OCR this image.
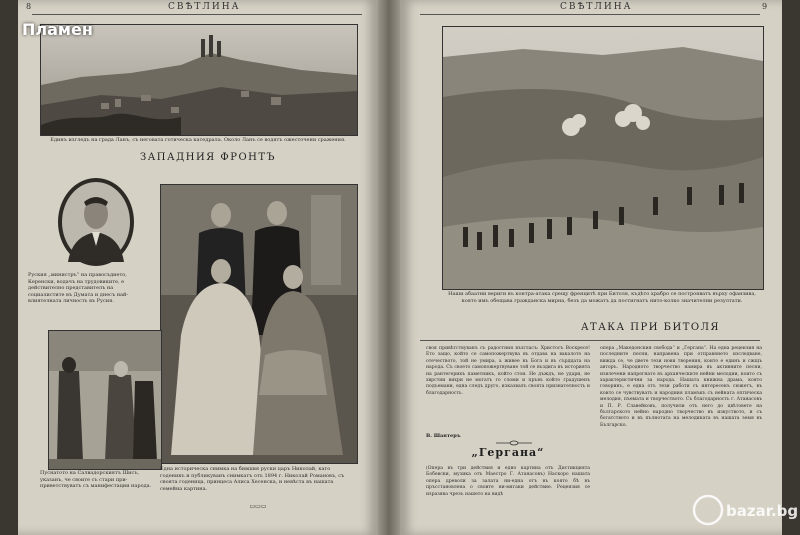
8	СВѢТЛИНА
Единъ изгледъ на града Ланъ, съ неговата готическа катедрала. Около Ланъ се водятъ ожесточени сражения.
ЗАПАДНИЯ ФРОНТЪ
Руския „министръ“ на правосъдието, Керенски, водачъ на трудовиките, е действително представителъ на социалистите въ Думата и днесъ най-влиятелната личность въ Русия.
Пуснатото на Салвадорскиятъ Шисъ, указанъ, че своите съ стари при-приветствуватъ съ манифестации народа.
Една историческа снимка на бившия руски царъ Николай, като годеникъ и публикуванъ снимкатъ отъ 1894 г. Николай Романовъ, съ своята годеница, принцеса Алиса Хесенска, и невѣста въ нашата семейна картина.
▭▭▭
СВѢТЛИНА	9
Наши абаатни вериги въ контра-атака срещу френцитѣ при Битоля, къдѣто храбро се построяватъ върху офанзива, която имъ обещава гражданска мирна, безъ да можатъ да постигнатъ нито-колко значителни резултати.
АТАКА ПРИ БИТОЛЯ

своя привѣтствуванъ съ радостния възгласъ: Христосъ Воскресе! Ето защо, който се самопожертвува въ отдава на вакалото на отечеството, той не умира, а живее въ Бога и въ сърдцата на народа. Съ своето самопожертвуване той се въздига въ историята на рантегерикъ паметникъ, който стои. Не дъждъ, не удари, не хврстни вихри не могатъ го сломи и пръвъ който градушенъ подъемани, една следъ друго, изказвалъ своята признателность и благодарность.

В. Шантеръ
„Гергана“

(Опера въ три действия и едно картина отъ Дистикцията Бобевски, музика отъ Маестро Г. Атанасовъ) Наскоро нашата опера древоли за залата ни-една отъ въ която бѣ въ пръсстановлена о своите ни-мягаки действие. Рецензия се изразява чрезъ нашето на видѣ

опера „Македонския свобода“ и „Гергана“. На една рецензия на последните песни, направена при отправянето изследване, вижда се, че двете тези нови творения, които е единъ и сжщъ авторъ. Народното творчество намира въ активните песни, извлечени напрегнато въ арханческите нейни мелодии, които съ характеристични за народа. Нашата книжна драма, която говоринъ, е една отъ тези работи съ интересенъ сюжетъ, въ които се чувствуватъ и народния пламъкъ съ нейната оптическа мелодия, пъемата и творчеството. Съ благодарность г. Атанасовъ и П. Р. Славейковъ, получили отъ него до цвѣтовете на българското нейно народно творчество въ изкуството, и съ богатството и въ пълнотата на мелодиката въ нашата земя въ Българско.

Пламен
bazar.bg
